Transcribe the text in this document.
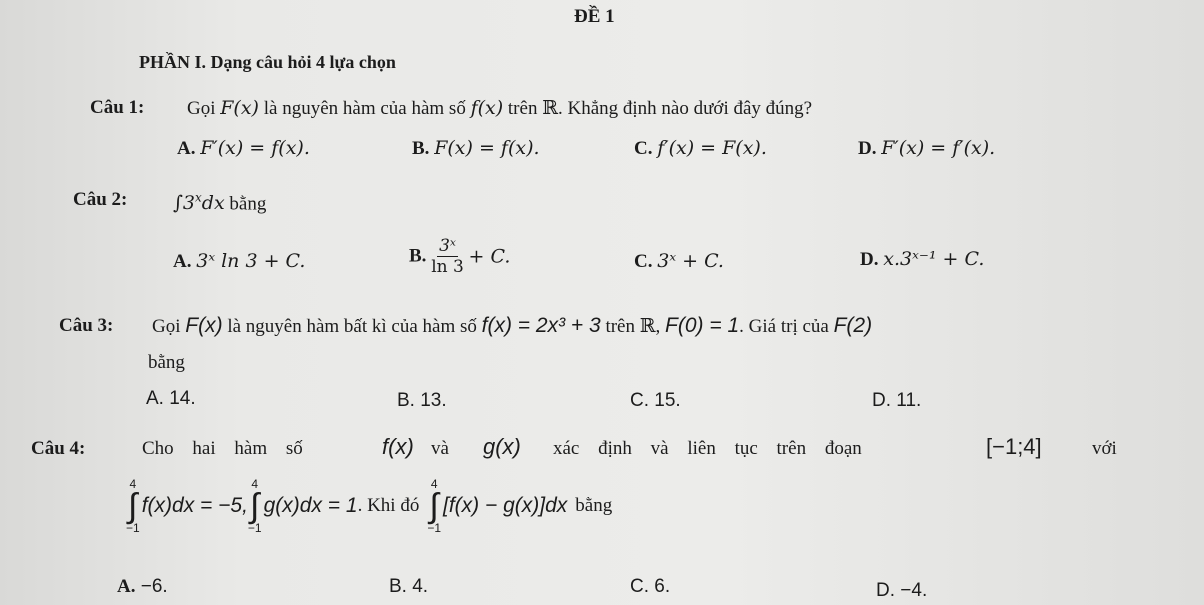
ĐỀ 1
PHẦN I. Dạng câu hỏi 4 lựa chọn
Câu 1: Gọi F(x) là nguyên hàm của hàm số f(x) trên ℝ. Khẳng định nào dưới đây đúng?
A. F′(x) = f(x).	B. F(x) = f(x).	C. f′(x) = F(x).	D. F′(x) = f′(x).
Câu 2: ∫3$^x$dx bằng
A. 3ˣ ln 3 + C.	B. $\frac{\text{3ˣ}}{\ln 3} + C$.	C. 3ˣ + C.	D. x.3ˣ⁻¹ + C.
Câu 3: Gọi F(x) là nguyên hàm bất kì của hàm số f(x) = 2x³ + 3 trên ℝ, F(0) = 1. Giá trị của F(2)
bằng
A. 14.	B. 13.	C. 15.	D. 11.
Câu 4:	Cho hai hàm số	f(x) và g(x) xác định và liên tục trên đoạn	[−1;4]	với
4
∫
−1
f(x)dx = −5,
4
∫
−1
g(x)dx = 1 . Khi đó
4
∫
−1
[f(x) − g(x)]dx bằng
A. −6.	B. 4.	C. 6.	D. −4.
